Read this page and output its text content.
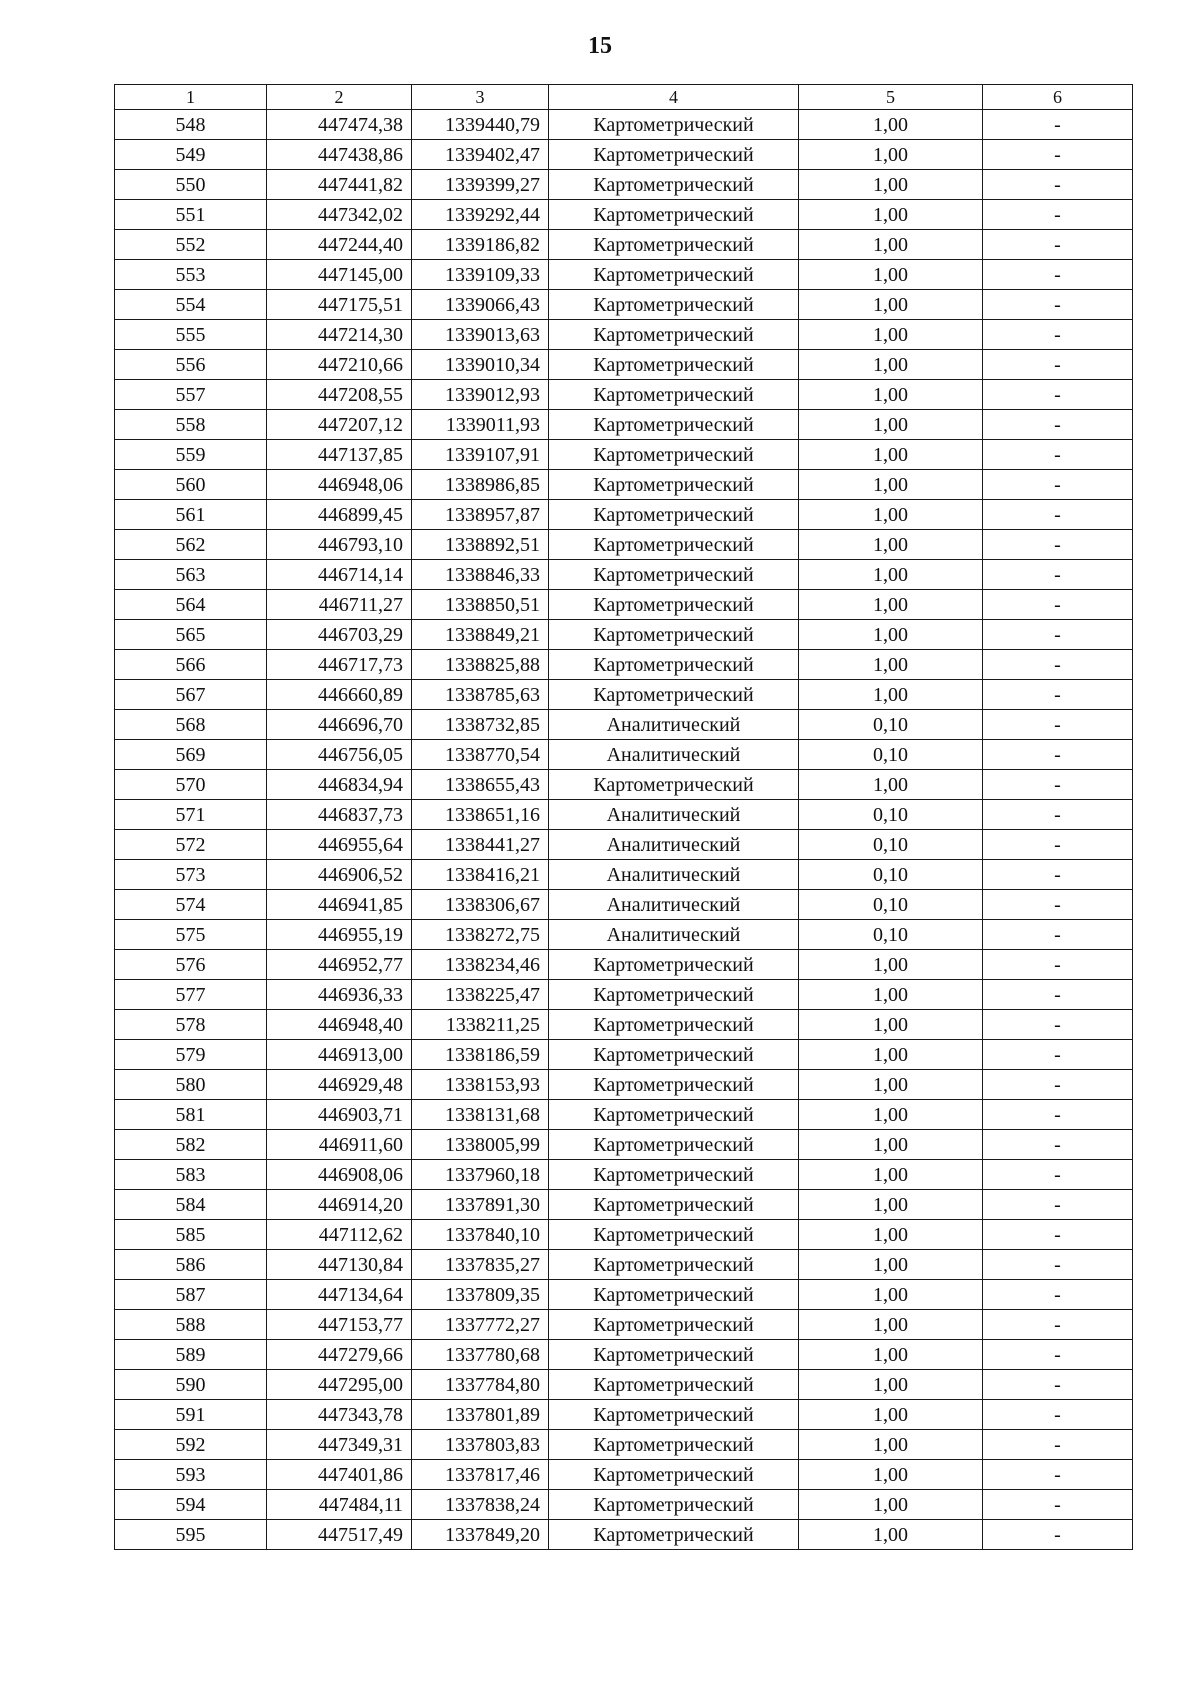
15
1	2	3	4	5	6
548	447474,38	1339440,79	Картометрический	1,00	-
549	447438,86	1339402,47	Картометрический	1,00	-
550	447441,82	1339399,27	Картометрический	1,00	-
551	447342,02	1339292,44	Картометрический	1,00	-
552	447244,40	1339186,82	Картометрический	1,00	-
553	447145,00	1339109,33	Картометрический	1,00	-
554	447175,51	1339066,43	Картометрический	1,00	-
555	447214,30	1339013,63	Картометрический	1,00	-
556	447210,66	1339010,34	Картометрический	1,00	-
557	447208,55	1339012,93	Картометрический	1,00	-
558	447207,12	1339011,93	Картометрический	1,00	-
559	447137,85	1339107,91	Картометрический	1,00	-
560	446948,06	1338986,85	Картометрический	1,00	-
561	446899,45	1338957,87	Картометрический	1,00	-
562	446793,10	1338892,51	Картометрический	1,00	-
563	446714,14	1338846,33	Картометрический	1,00	-
564	446711,27	1338850,51	Картометрический	1,00	-
565	446703,29	1338849,21	Картометрический	1,00	-
566	446717,73	1338825,88	Картометрический	1,00	-
567	446660,89	1338785,63	Картометрический	1,00	-
568	446696,70	1338732,85	Аналитический	0,10	-
569	446756,05	1338770,54	Аналитический	0,10	-
570	446834,94	1338655,43	Картометрический	1,00	-
571	446837,73	1338651,16	Аналитический	0,10	-
572	446955,64	1338441,27	Аналитический	0,10	-
573	446906,52	1338416,21	Аналитический	0,10	-
574	446941,85	1338306,67	Аналитический	0,10	-
575	446955,19	1338272,75	Аналитический	0,10	-
576	446952,77	1338234,46	Картометрический	1,00	-
577	446936,33	1338225,47	Картометрический	1,00	-
578	446948,40	1338211,25	Картометрический	1,00	-
579	446913,00	1338186,59	Картометрический	1,00	-
580	446929,48	1338153,93	Картометрический	1,00	-
581	446903,71	1338131,68	Картометрический	1,00	-
582	446911,60	1338005,99	Картометрический	1,00	-
583	446908,06	1337960,18	Картометрический	1,00	-
584	446914,20	1337891,30	Картометрический	1,00	-
585	447112,62	1337840,10	Картометрический	1,00	-
586	447130,84	1337835,27	Картометрический	1,00	-
587	447134,64	1337809,35	Картометрический	1,00	-
588	447153,77	1337772,27	Картометрический	1,00	-
589	447279,66	1337780,68	Картометрический	1,00	-
590	447295,00	1337784,80	Картометрический	1,00	-
591	447343,78	1337801,89	Картометрический	1,00	-
592	447349,31	1337803,83	Картометрический	1,00	-
593	447401,86	1337817,46	Картометрический	1,00	-
594	447484,11	1337838,24	Картометрический	1,00	-
595	447517,49	1337849,20	Картометрический	1,00	-
